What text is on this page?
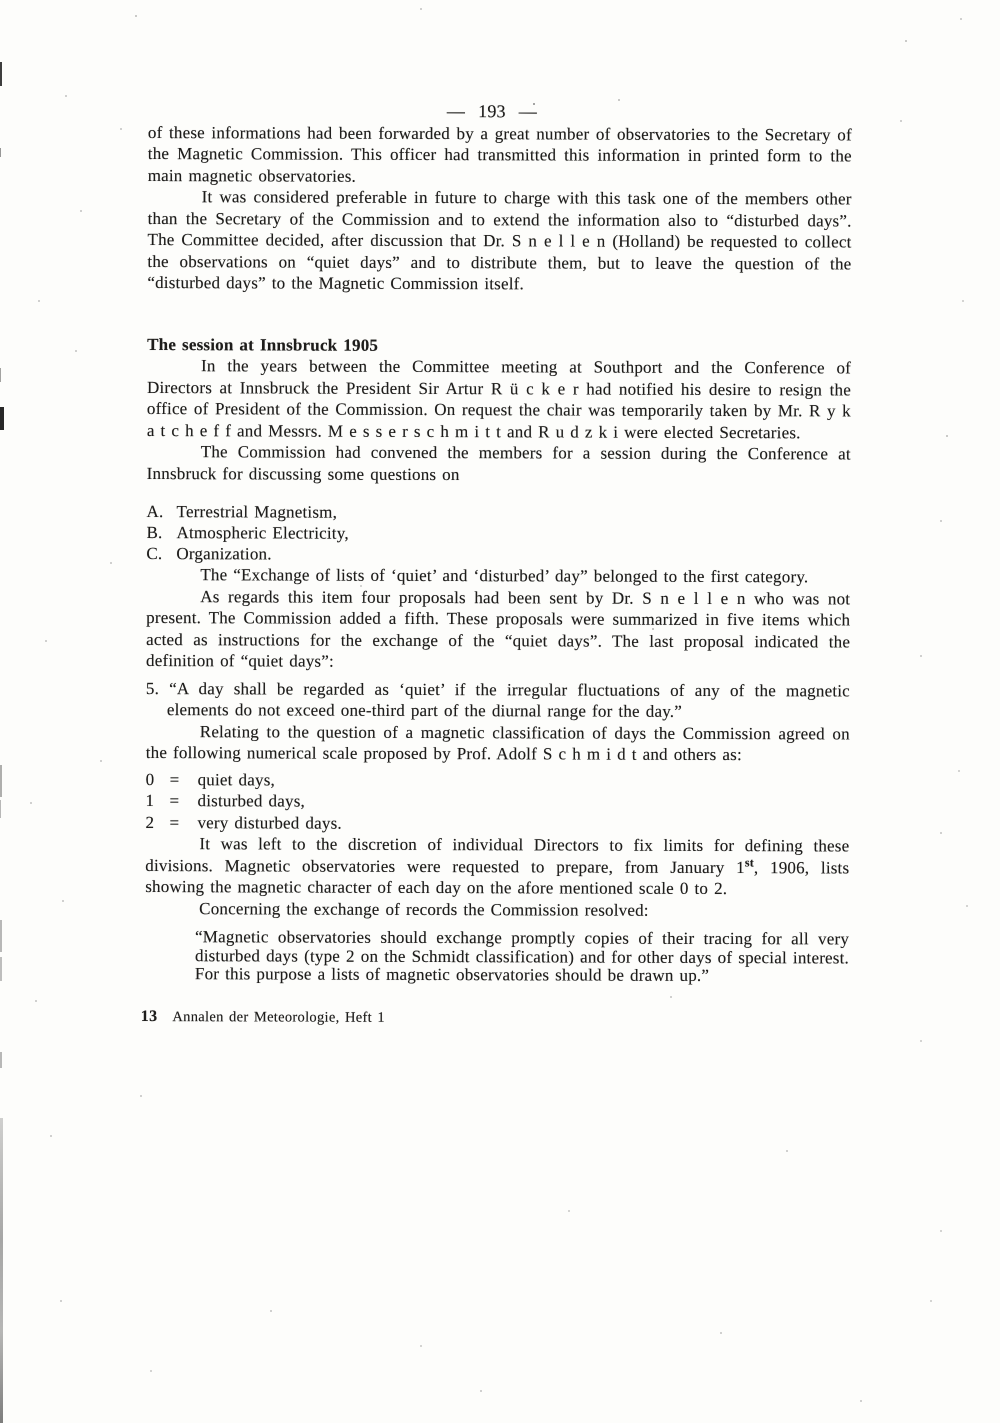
— 193 —

of these informations had been forwarded by a great number of observatories to the Secretary of the Magnetic Commission. This officer had transmitted this information in printed form to the main magnetic observatories.

It was considered preferable in future to charge with this task one of the members other than the Secretary of the Commission and to extend the information also to “disturbed days”. The Committee decided, after discussion that Dr. S n e l l e n (Holland) be requested to collect the observations on “quiet days” and to distribute them, but to leave the question of the “disturbed days” to the Magnetic Commission itself.

The session at Innsbruck 1905

In the years between the Committee meeting at Southport and the Conference of Directors at Innsbruck the President Sir Artur R ü c k e r had notified his desire to resign the office of President of the Commission. On request the chair was temporarily taken by Mr. R y k a t c h e f f and Messrs. M e s s e r s c h m i t t and R u d z k i were elected Secretaries.

The Commission had convened the members for a session during the Conference at Innsbruck for discussing some questions on

A. Terrestrial Magnetism,
B. Atmospheric Electricity,
C. Organization.

The “Exchange of lists of ‘quiet’ and ‘disturbed’ day” belonged to the first category.

As regards this item four proposals had been sent by Dr. S n e l l e n who was not present. The Commission added a fifth. These proposals were summarized in five items which acted as instructions for the exchange of the “quiet days”. The last proposal indicated the definition of “quiet days”:

5. “A day shall be regarded as ‘quiet’ if the irregular fluctuations of any of the magnetic elements do not exceed one-third part of the diurnal range for the day.”

Relating to the question of a magnetic classification of days the Commission agreed on the following numerical scale proposed by Prof. Adolf S c h m i d t and others as:

0 = quiet days,
1 = disturbed days,
2 = very disturbed days.

It was left to the discretion of individual Directors to fix limits for defining these divisions. Magnetic observatories were requested to prepare, from January 1st, 1906, lists showing the magnetic character of each day on the afore mentioned scale 0 to 2.

Concerning the exchange of records the Commission resolved:

“Magnetic observatories should exchange promptly copies of their tracing for all very disturbed days (type 2 on the Schmidt classification) and for other days of special interest. For this purpose a lists of magnetic observatories should be drawn up.”
13 Annalen der Meteorologie, Heft 1
